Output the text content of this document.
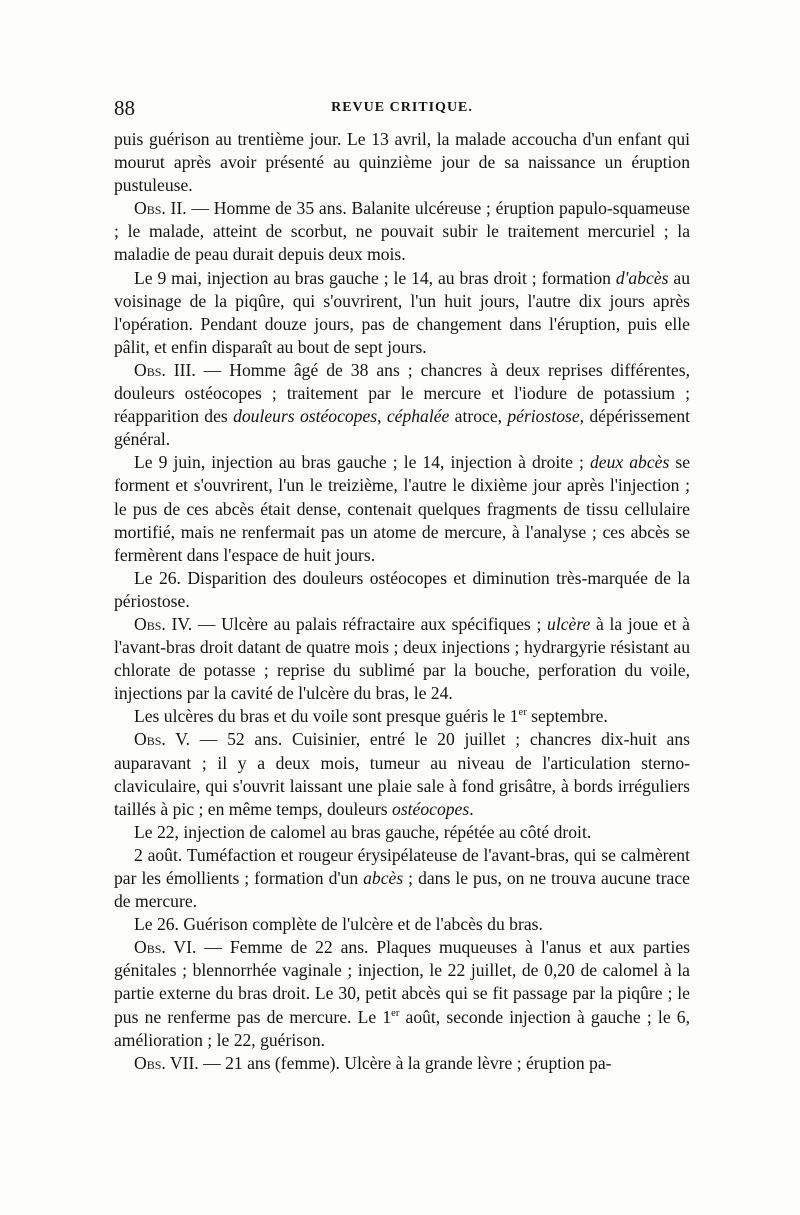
88	REVUE CRITIQUE.

puis guérison au trentième jour. Le 13 avril, la malade accoucha d'un enfant qui mourut après avoir présenté au quinzième jour de sa naissance un éruption pustuleuse.

Obs. II. — Homme de 35 ans. Balanite ulcéreuse ; éruption papulo-squameuse ; le malade, atteint de scorbut, ne pouvait subir le traitement mercuriel ; la maladie de peau durait depuis deux mois.

Le 9 mai, injection au bras gauche ; le 14, au bras droit ; formation d'abcès au voisinage de la piqûre, qui s'ouvrirent, l'un huit jours, l'autre dix jours après l'opération. Pendant douze jours, pas de changement dans l'éruption, puis elle pâlit, et enfin disparaît au bout de sept jours.

Obs. III. — Homme âgé de 38 ans ; chancres à deux reprises différentes, douleurs ostéocopes ; traitement par le mercure et l'iodure de potassium ; réapparition des douleurs ostéocopes, céphalée atroce, périostose, dépérissement général.

Le 9 juin, injection au bras gauche ; le 14, injection à droite ; deux abcès se forment et s'ouvrirent, l'un le treizième, l'autre le dixième jour après l'injection ; le pus de ces abcès était dense, contenait quelques fragments de tissu cellulaire mortifié, mais ne renfermait pas un atome de mercure, à l'analyse ; ces abcès se fermèrent dans l'espace de huit jours.

Le 26. Disparition des douleurs ostéocopes et diminution très-marquée de la périostose.

Obs. IV. — Ulcère au palais réfractaire aux spécifiques ; ulcère à la joue et à l'avant-bras droit datant de quatre mois ; deux injections ; hydrargyrie résistant au chlorate de potasse ; reprise du sublimé par la bouche, perforation du voile, injections par la cavité de l'ulcère du bras, le 24.

Les ulcères du bras et du voile sont presque guéris le 1er septembre.

Obs. V. — 52 ans. Cuisinier, entré le 20 juillet ; chancres dix-huit ans auparavant ; il y a deux mois, tumeur au niveau de l'articulation sterno-claviculaire, qui s'ouvrit laissant une plaie sale à fond grisâtre, à bords irréguliers taillés à pic ; en même temps, douleurs ostéocopes.

Le 22, injection de calomel au bras gauche, répétée au côté droit.

2 août. Tuméfaction et rougeur érysipélateuse de l'avant-bras, qui se calmèrent par les émollients ; formation d'un abcès ; dans le pus, on ne trouva aucune trace de mercure.

Le 26. Guérison complète de l'ulcère et de l'abcès du bras.

Obs. VI. — Femme de 22 ans. Plaques muqueuses à l'anus et aux parties génitales ; blennorrhée vaginale ; injection, le 22 juillet, de 0,20 de calomel à la partie externe du bras droit. Le 30, petit abcès qui se fit passage par la piqûre ; le pus ne renferme pas de mercure. Le 1er août, seconde injection à gauche ; le 6, amélioration ; le 22, guérison.

Obs. VII. — 21 ans (femme). Ulcère à la grande lèvre ; éruption pa-
